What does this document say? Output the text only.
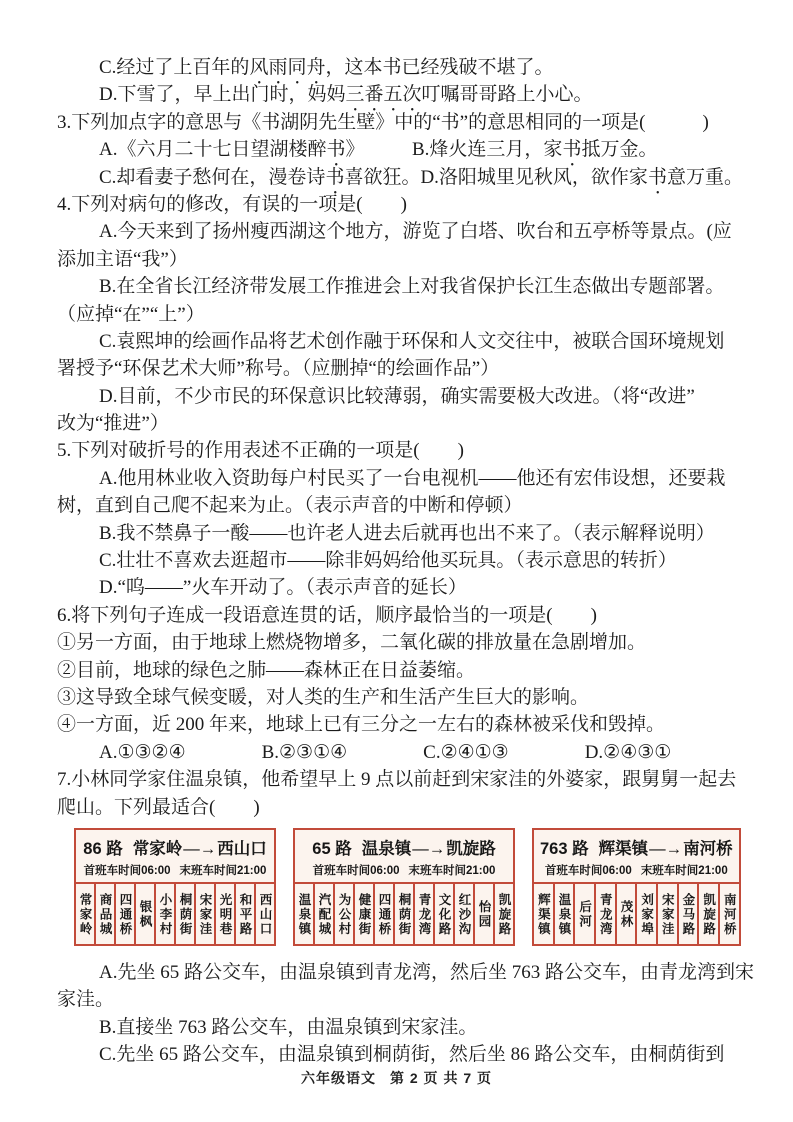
C.经过了上百年的风雨同舟，这本书已经残破不堪了。
D.下雪了，早上出门时，妈妈三番五次叮嘱哥哥路上小心。
3.下列加点字的意思与《书湖阴先生壁》中的“书”的意思相同的一项是(　　　)
A.《六月二十七日望湖楼醉书》　　　B.烽火连三月，家书抵万金。
C.却看妻子愁何在，漫卷诗书喜欲狂。D.洛阳城里见秋风，欲作家书意万重。
4.下列对病句的修改，有误的一项是(　　)
A.今天来到了扬州瘦西湖这个地方，游览了白塔、吹台和五亭桥等景点。(应
添加主语“我”）
B.在全省长江经济带发展工作推进会上对我省保护长江生态做出专题部署。
（应掉“在”“上”）
C.袁熙坤的绘画作品将艺术创作融于环保和人文交往中，被联合国环境规划
署授予“环保艺术大师”称号。（应删掉“的绘画作品”）
D.目前，不少市民的环保意识比较薄弱，确实需要极大改进。（将“改进”
改为“推进”）
5.下列对破折号的作用表述不正确的一项是(　　)
A.他用林业收入资助每户村民买了一台电视机——他还有宏伟设想，还要栽
树，直到自己爬不起来为止。（表示声音的中断和停顿）
B.我不禁鼻子一酸——也许老人进去后就再也出不来了。（表示解释说明）
C.壮壮不喜欢去逛超市——除非妈妈给他买玩具。（表示意思的转折）
D.“呜——”火车开动了。（表示声音的延长）
6.将下列句子连成一段语意连贯的话，顺序最恰当的一项是(　　)
①另一方面，由于地球上燃烧物增多，二氧化碳的排放量在急剧增加。
②目前，地球的绿色之肺——森林正在日益萎缩。
③这导致全球气候变暖，对人类的生产和生活产生巨大的影响。
④一方面，近 200 年来，地球上已有三分之一左右的森林被采伐和毁掉。
A.①③②④　　　　B.②③①④　　　　C.②④①③　　　　D.②④③①
7.小林同学家住温泉镇，他希望早上 9 点以前赶到宋家洼的外婆家，跟舅舅一起去
爬山。下列最适合(　　)
86 路 常家岭—→西山口
首班车时间06:00 末班车时间21:00
常家岭 商品城 四通桥 银枫 小李村 桐荫街 宋家洼 光明巷 和平路 西山口
65 路 温泉镇—→凯旋路
首班车时间06:00 末班车时间21:00
温泉镇 汽配城 为公村 健康街 四通桥 桐荫街 青龙湾 文化路 红沙沟 怡园 凯旋路
763 路 辉渠镇—→南河桥
首班车时间06:00 末班车时间21:00
辉渠镇 温泉镇 后河 青龙湾 茂林 刘家埠 宋家洼 金马路 凯旋路 南河桥
A.先坐 65 路公交车，由温泉镇到青龙湾，然后坐 763 路公交车，由青龙湾到宋
家洼。
B.直接坐 763 路公交车，由温泉镇到宋家洼。
C.先坐 65 路公交车，由温泉镇到桐荫街，然后坐 86 路公交车，由桐荫街到
六年级语文 第 2 页 共 7 页
